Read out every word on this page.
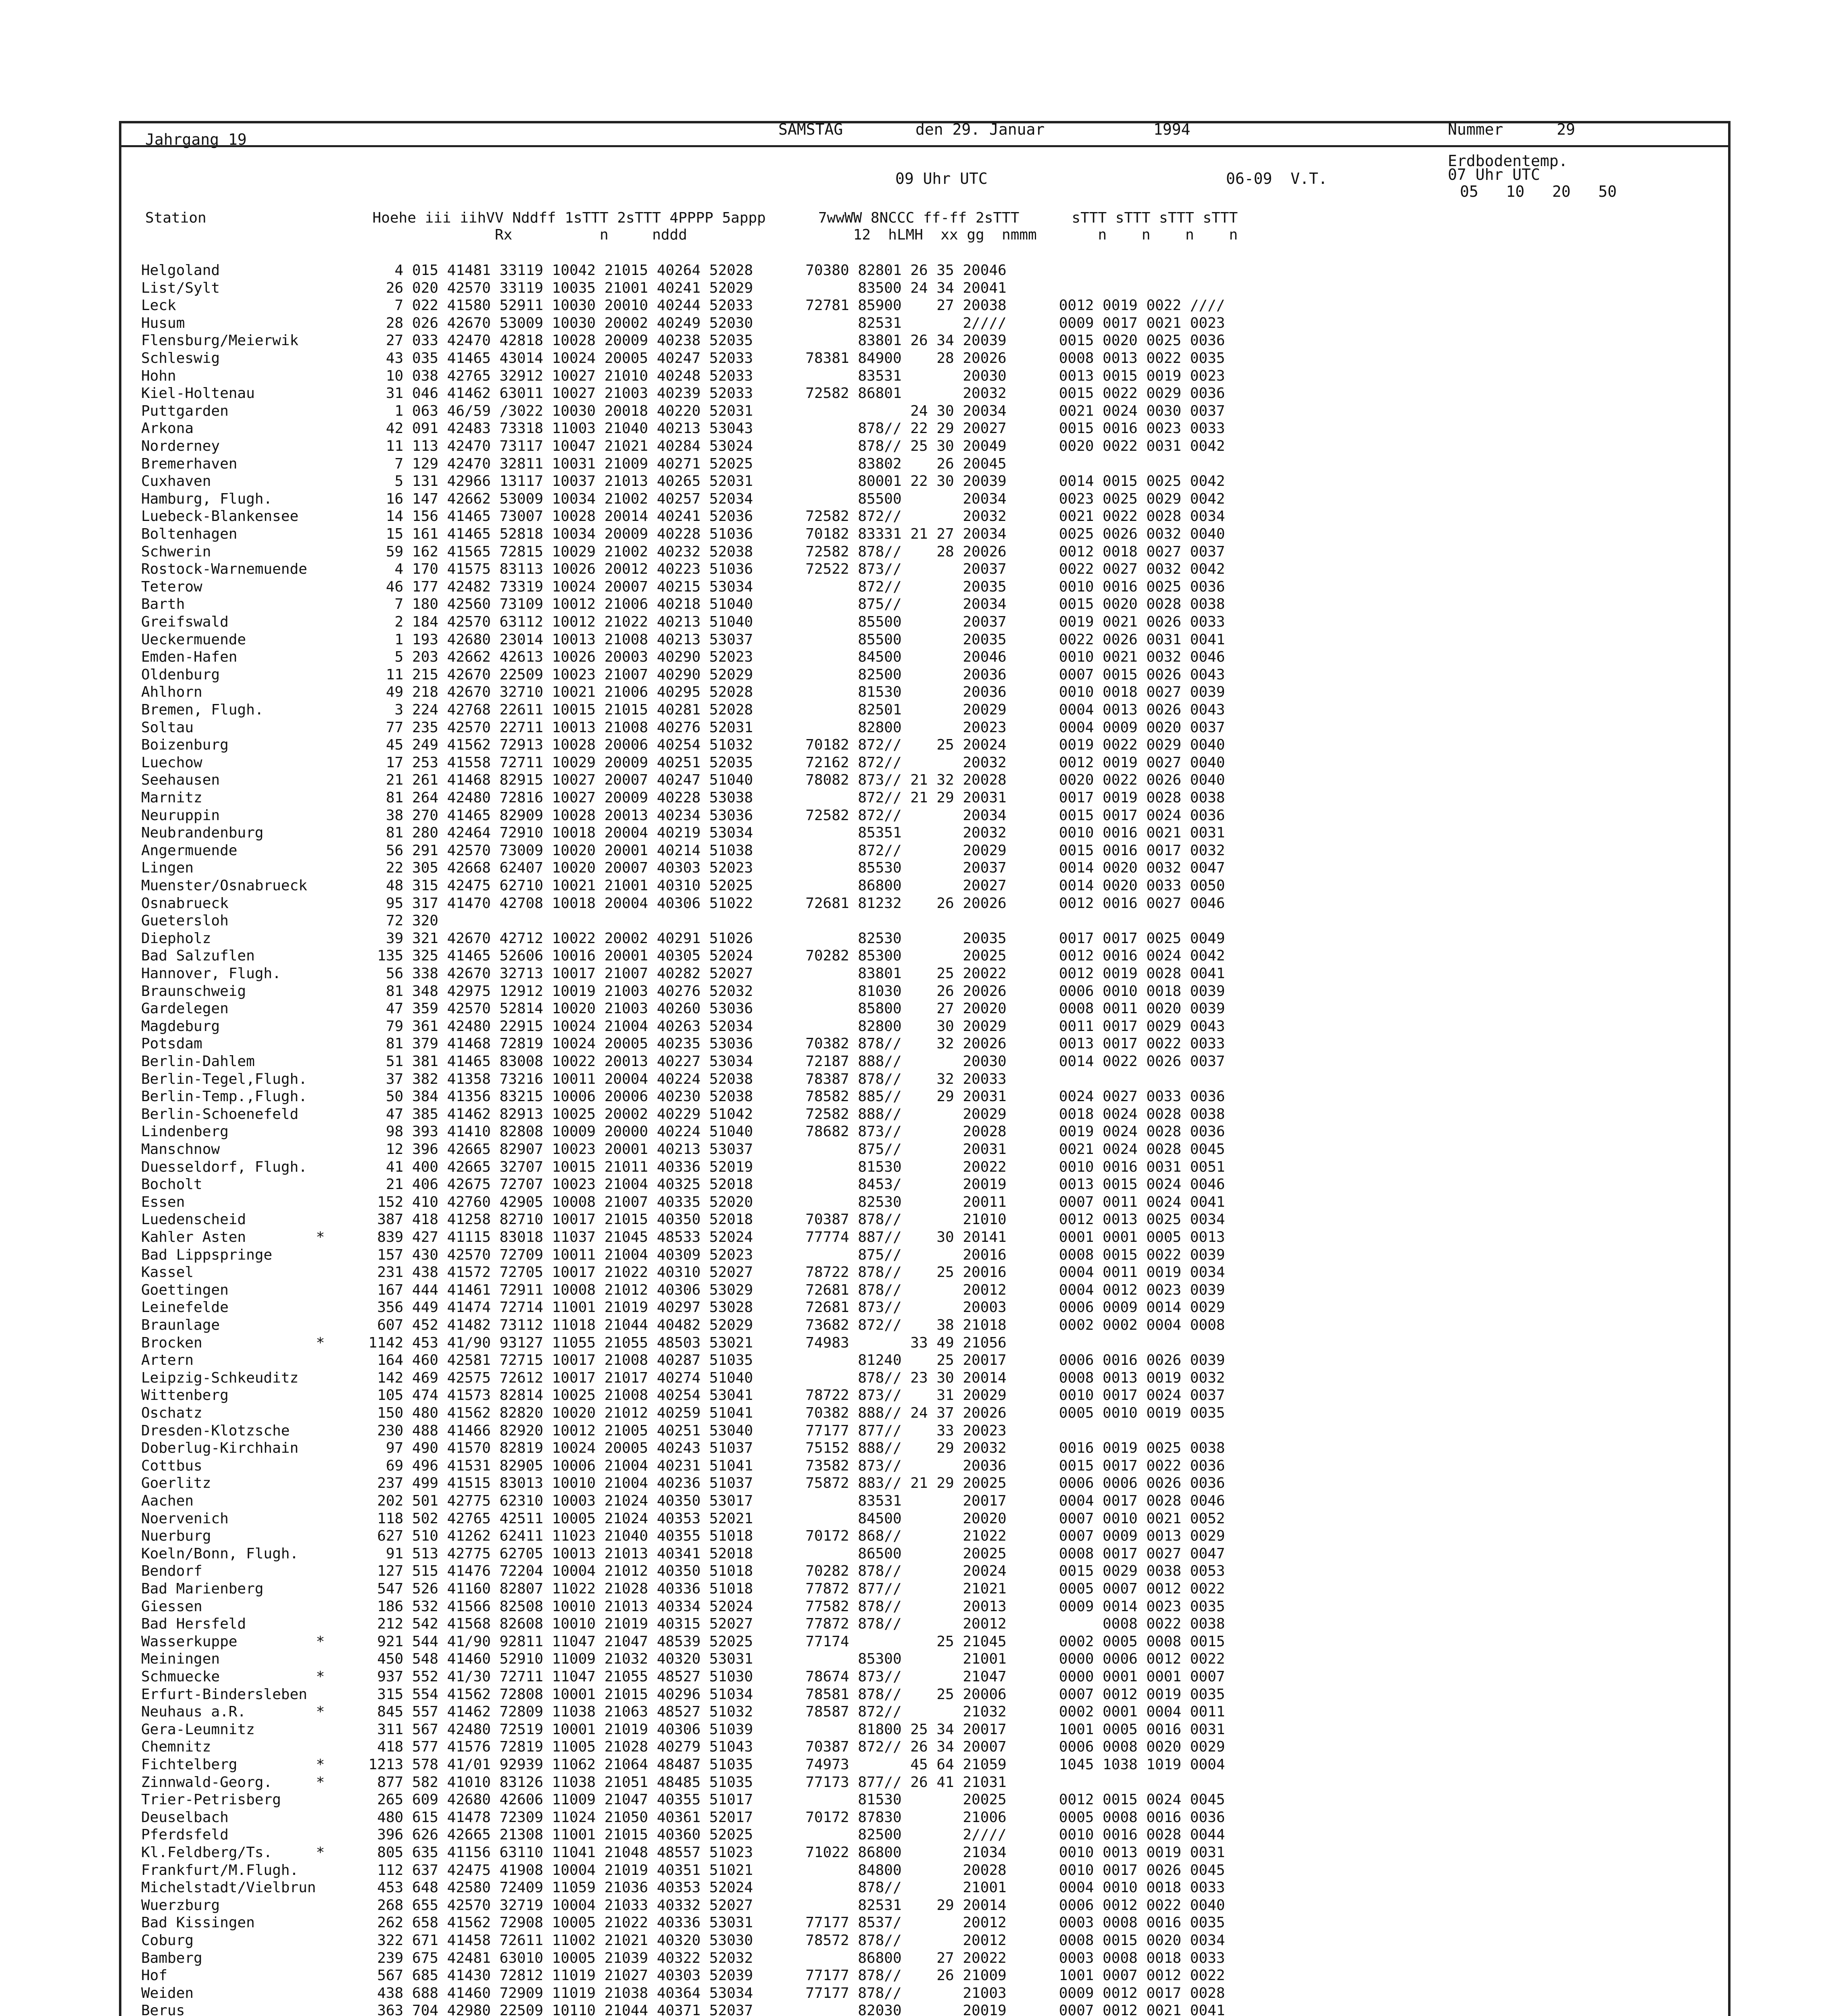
Jahrgang 19
SAMSTAG	den 29. Januar	1994	Nummer	29
Erdbodentemp.
09 Uhr UTC	07 Uhr UTC
06-09  V.T.
05   10   20   50
Station                   Hoehe iii iihVV Nddff 1sTTT 2sTTT 4PPPP 5appp      7wwWW 8NCCC ff-ff 2sTTT      sTTT sTTT sTTT sTTT
Rx          n     nddd                   12  hLMH  xx gg  nmmm       n    n    n    n
Helgoland                    4 015 41481 33119 10042 21015 40264 52028      70380 82801 26 35 20046
List/Sylt                   26 020 42570 33119 10035 21001 40241 52029            83500 24 34 20041
Leck                         7 022 41580 52911 10030 20010 40244 52033      72781 85900    27 20038      0012 0019 0022 ////
Husum                       28 026 42670 53009 10030 20002 40249 52030            82531       2////      0009 0017 0021 0023
Flensburg/Meierwik          27 033 42470 42818 10028 20009 40238 52035            83801 26 34 20039      0015 0020 0025 0036
Schleswig                   43 035 41465 43014 10024 20005 40247 52033      78381 84900    28 20026      0008 0013 0022 0035
Hohn                        10 038 42765 32912 10027 21010 40248 52033            83531       20030      0013 0015 0019 0023
Kiel-Holtenau               31 046 41462 63011 10027 21003 40239 52033      72582 86801       20032      0015 0022 0029 0036
Puttgarden                   1 063 46/59 /3022 10030 20018 40220 52031                  24 30 20034      0021 0024 0030 0037
Arkona                      42 091 42483 73318 11003 21040 40213 53043            878// 22 29 20027      0015 0016 0023 0033
Norderney                   11 113 42470 73117 10047 21021 40284 53024            878// 25 30 20049      0020 0022 0031 0042
Bremerhaven                  7 129 42470 32811 10031 21009 40271 52025            83802    26 20045
Cuxhaven                     5 131 42966 13117 10037 21013 40265 52031            80001 22 30 20039      0014 0015 0025 0042
Hamburg, Flugh.             16 147 42662 53009 10034 21002 40257 52034            85500       20034      0023 0025 0029 0042
Luebeck-Blankensee          14 156 41465 73007 10028 20014 40241 52036      72582 872//       20032      0021 0022 0028 0034
Boltenhagen                 15 161 41465 52818 10034 20009 40228 51036      70182 83331 21 27 20034      0025 0026 0032 0040
Schwerin                    59 162 41565 72815 10029 21002 40232 52038      72582 878//    28 20026      0012 0018 0027 0037
Rostock-Warnemuende          4 170 41575 83113 10026 20012 40223 51036      72522 873//       20037      0022 0027 0032 0042
Teterow                     46 177 42482 73319 10024 20007 40215 53034            872//       20035      0010 0016 0025 0036
Barth                        7 180 42560 73109 10012 21006 40218 51040            875//       20034      0015 0020 0028 0038
Greifswald                   2 184 42570 63112 10012 21022 40213 51040            85500       20037      0019 0021 0026 0033
Ueckermuende                 1 193 42680 23014 10013 21008 40213 53037            85500       20035      0022 0026 0031 0041
Emden-Hafen                  5 203 42662 42613 10026 20003 40290 52023            84500       20046      0010 0021 0032 0046
Oldenburg                   11 215 42670 22509 10023 21007 40290 52029            82500       20036      0007 0015 0026 0043
Ahlhorn                     49 218 42670 32710 10021 21006 40295 52028            81530       20036      0010 0018 0027 0039
Bremen, Flugh.               3 224 42768 22611 10015 21015 40281 52028            82501       20029      0004 0013 0026 0043
Soltau                      77 235 42570 22711 10013 21008 40276 52031            82800       20023      0004 0009 0020 0037
Boizenburg                  45 249 41562 72913 10028 20006 40254 51032      70182 872//    25 20024      0019 0022 0029 0040
Luechow                     17 253 41558 72711 10029 20009 40251 52035      72162 872//       20032      0012 0019 0027 0040
Seehausen                   21 261 41468 82915 10027 20007 40247 51040      78082 873// 21 32 20028      0020 0022 0026 0040
Marnitz                     81 264 42480 72816 10027 20009 40228 53038            872// 21 29 20031      0017 0019 0028 0038
Neuruppin                   38 270 41465 82909 10028 20013 40234 53036      72582 872//       20034      0015 0017 0024 0036
Neubrandenburg              81 280 42464 72910 10018 20004 40219 53034            85351       20032      0010 0016 0021 0031
Angermuende                 56 291 42570 73009 10020 20001 40214 51038            872//       20029      0015 0016 0017 0032
Lingen                      22 305 42668 62407 10020 20007 40303 52023            85530       20037      0014 0020 0032 0047
Muenster/Osnabrueck         48 315 42475 62710 10021 21001 40310 52025            86800       20027      0014 0020 0033 0050
Osnabrueck                  95 317 41470 42708 10018 20004 40306 51022      72681 81232    26 20026      0012 0016 0027 0046
Guetersloh                  72 320
Diepholz                    39 321 42670 42712 10022 20002 40291 51026            82530       20035      0017 0017 0025 0049
Bad Salzuflen              135 325 41465 52606 10016 20001 40305 52024      70282 85300       20025      0012 0016 0024 0042
Hannover, Flugh.            56 338 42670 32713 10017 21007 40282 52027            83801    25 20022      0012 0019 0028 0041
Braunschweig                81 348 42975 12912 10019 21003 40276 52032            81030    26 20026      0006 0010 0018 0039
Gardelegen                  47 359 42570 52814 10020 21003 40260 53036            85800    27 20020      0008 0011 0020 0039
Magdeburg                   79 361 42480 22915 10024 21004 40263 52034            82800    30 20029      0011 0017 0029 0043
Potsdam                     81 379 41468 72819 10024 20005 40235 53036      70382 878//    32 20026      0013 0017 0022 0033
Berlin-Dahlem               51 381 41465 83008 10022 20013 40227 53034      72187 888//       20030      0014 0022 0026 0037
Berlin-Tegel,Flugh.         37 382 41358 73216 10011 20004 40224 52038      78387 878//    32 20033
Berlin-Temp.,Flugh.         50 384 41356 83215 10006 20006 40230 52038      78582 885//    29 20031      0024 0027 0033 0036
Berlin-Schoenefeld          47 385 41462 82913 10025 20002 40229 51042      72582 888//       20029      0018 0024 0028 0038
Lindenberg                  98 393 41410 82808 10009 20000 40224 51040      78682 873//       20028      0019 0024 0028 0036
Manschnow                   12 396 42665 82907 10023 20001 40213 53037            875//       20031      0021 0024 0028 0045
Duesseldorf, Flugh.         41 400 42665 32707 10015 21011 40336 52019            81530       20022      0010 0016 0031 0051
Bocholt                     21 406 42675 72707 10023 21004 40325 52018            8453/       20019      0013 0015 0024 0046
Essen                      152 410 42760 42905 10008 21007 40335 52020            82530       20011      0007 0011 0024 0041
Luedenscheid               387 418 41258 82710 10017 21015 40350 52018      70387 878//       21010      0012 0013 0025 0034
Kahler Asten        *      839 427 41115 83018 11037 21045 48533 52024      77774 887//    30 20141      0001 0001 0005 0013
Bad Lippspringe            157 430 42570 72709 10011 21004 40309 52023            875//       20016      0008 0015 0022 0039
Kassel                     231 438 41572 72705 10017 21022 40310 52027      78722 878//    25 20016      0004 0011 0019 0034
Goettingen                 167 444 41461 72911 10008 21012 40306 53029      72681 878//       20012      0004 0012 0023 0039
Leinefelde                 356 449 41474 72714 11001 21019 40297 53028      72681 873//       20003      0006 0009 0014 0029
Braunlage                  607 452 41482 73112 11018 21044 40482 52029      73682 872//    38 21018      0002 0002 0004 0008
Brocken             *     1142 453 41/90 93127 11055 21055 48503 53021      74983       33 49 21056
Artern                     164 460 42581 72715 10017 21008 40287 51035            81240    25 20017      0006 0016 0026 0039
Leipzig-Schkeuditz         142 469 42575 72612 10017 21017 40274 51040            878// 23 30 20014      0008 0013 0019 0032
Wittenberg                 105 474 41573 82814 10025 21008 40254 53041      78722 873//    31 20029      0010 0017 0024 0037
Oschatz                    150 480 41562 82820 10020 21012 40259 51041      70382 888// 24 37 20026      0005 0010 0019 0035
Dresden-Klotzsche          230 488 41466 82920 10012 21005 40251 53040      77177 877//    33 20023
Doberlug-Kirchhain          97 490 41570 82819 10024 20005 40243 51037      75152 888//    29 20032      0016 0019 0025 0038
Cottbus                     69 496 41531 82905 10006 21004 40231 51041      73582 873//       20036      0015 0017 0022 0036
Goerlitz                   237 499 41515 83013 10010 21004 40236 51037      75872 883// 21 29 20025      0006 0006 0026 0036
Aachen                     202 501 42775 62310 10003 21024 40350 53017            83531       20017      0004 0017 0028 0046
Noervenich                 118 502 42765 42511 10005 21024 40353 52021            84500       20020      0007 0010 0021 0052
Nuerburg                   627 510 41262 62411 11023 21040 40355 51018      70172 868//       21022      0007 0009 0013 0029
Koeln/Bonn, Flugh.          91 513 42775 62705 10013 21013 40341 52018            86500       20025      0008 0017 0027 0047
Bendorf                    127 515 41476 72204 10004 21012 40350 51018      70282 878//       20024      0015 0029 0038 0053
Bad Marienberg             547 526 41160 82807 11022 21028 40336 51018      77872 877//       21021      0005 0007 0012 0022
Giessen                    186 532 41566 82508 10010 21013 40334 52024      77582 878//       20013      0009 0014 0023 0035
Bad Hersfeld               212 542 41568 82608 10010 21019 40315 52027      77872 878//       20012           0008 0022 0038
Wasserkuppe         *      921 544 41/90 92811 11047 21047 48539 52025      77174          25 21045      0002 0005 0008 0015
Meiningen                  450 548 41460 52910 11009 21032 40320 53031            85300       21001      0000 0006 0012 0022
Schmuecke           *      937 552 41/30 72711 11047 21055 48527 51030      78674 873//       21047      0000 0001 0001 0007
Erfurt-Bindersleben        315 554 41562 72808 10001 21015 40296 51034      78581 878//    25 20006      0007 0012 0019 0035
Neuhaus a.R.        *      845 557 41462 72809 11038 21063 48527 51032      78587 872//       21032      0002 0001 0004 0011
Gera-Leumnitz              311 567 42480 72519 10001 21019 40306 51039            81800 25 34 20017      1001 0005 0016 0031
Chemnitz                   418 577 41576 72819 11005 21028 40279 51043      70387 872// 26 34 20007      0006 0008 0020 0029
Fichtelberg         *     1213 578 41/01 92939 11062 21064 48487 51035      74973       45 64 21059      1045 1038 1019 0004
Zinnwald-Georg.     *      877 582 41010 83126 11038 21051 48485 51035      77173 877// 26 41 21031
Trier-Petrisberg           265 609 42680 42606 11009 21047 40355 51017            81530       20025      0012 0015 0024 0045
Deuselbach                 480 615 41478 72309 11024 21050 40361 52017      70172 87830       21006      0005 0008 0016 0036
Pferdsfeld                 396 626 42665 21308 11001 21015 40360 52025            82500       2////      0010 0016 0028 0044
Kl.Feldberg/Ts.     *      805 635 41156 63110 11041 21048 48557 51023      71022 86800       21034      0010 0013 0019 0031
Frankfurt/M.Flugh.         112 637 42475 41908 10004 21019 40351 51021            84800       20028      0010 0017 0026 0045
Michelstadt/Vielbrun       453 648 42580 72409 11059 21036 40353 52024            878//       21001      0004 0010 0018 0033
Wuerzburg                  268 655 42570 32719 10004 21033 40332 52027            82531    29 20014      0006 0012 0022 0040
Bad Kissingen              262 658 41562 72908 10005 21022 40336 53031      77177 8537/       20012      0003 0008 0016 0035
Coburg                     322 671 41458 72611 11002 21021 40320 53030      78572 878//       20012      0008 0015 0020 0034
Bamberg                    239 675 42481 63010 10005 21039 40322 52032            86800    27 20022      0003 0008 0018 0033
Hof                        567 685 41430 72812 11019 21027 40303 52039      77177 878//    26 21009      1001 0007 0012 0022
Weiden                     438 688 41460 72909 11019 21038 40364 53034      77177 878//       21003      0009 0012 0017 0028
Berus                      363 704 42980 22509 10110 21044 40371 52037            82030       20019      0007 0012 0021 0041
